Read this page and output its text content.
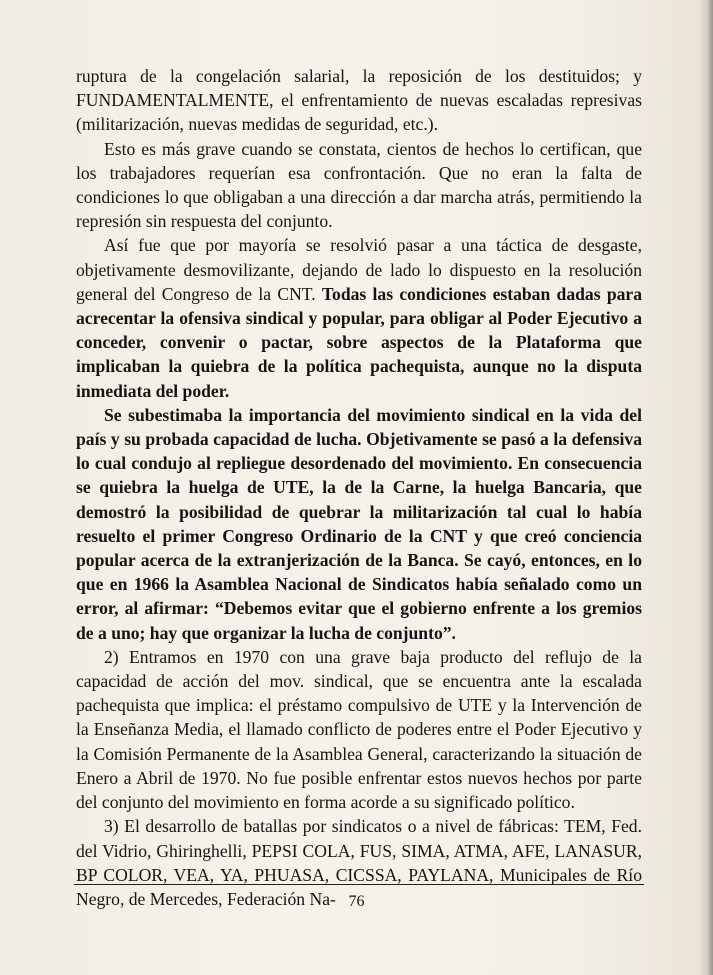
ruptura de la congelación salarial, la reposición de los destituidos; y FUNDAMENTALMENTE, el enfrentamiento de nuevas escaladas represivas (militarización, nuevas medidas de seguridad, etc.).

Esto es más grave cuando se constata, cientos de hechos lo certifican, que los trabajadores requerían esa confrontación. Que no eran la falta de condiciones lo que obligaban a una dirección a dar marcha atrás, permitiendo la represión sin respuesta del conjunto.

Así fue que por mayoría se resolvió pasar a una táctica de desgaste, objetivamente desmovilizante, dejando de lado lo dispuesto en la resolución general del Congreso de la CNT. Todas las condiciones estaban dadas para acrecentar la ofensiva sindical y popular, para obligar al Poder Ejecutivo a conceder, convenir o pactar, sobre aspectos de la Plataforma que implicaban la quiebra de la política pachequista, aunque no la disputa inmediata del poder.

Se subestimaba la importancia del movimiento sindical en la vida del país y su probada capacidad de lucha. Objetivamente se pasó a la defensiva lo cual condujo al repliegue desordenado del movimiento. En consecuencia se quiebra la huelga de UTE, la de la Carne, la huelga Bancaria, que demostró la posibilidad de quebrar la militarización tal cual lo había resuelto el primer Congreso Ordinario de la CNT y que creó conciencia popular acerca de la extranjerización de la Banca. Se cayó, entonces, en lo que en 1966 la Asamblea Nacional de Sindicatos había señalado como un error, al afirmar: “Debemos evitar que el gobierno enfrente a los gremios de a uno; hay que organizar la lucha de conjunto”.

2) Entramos en 1970 con una grave baja producto del reflujo de la capacidad de acción del mov. sindical, que se encuentra ante la escalada pachequista que implica: el préstamo compulsivo de UTE y la Intervención de la Enseñanza Media, el llamado conflicto de poderes entre el Poder Ejecutivo y la Comisión Permanente de la Asamblea General, caracterizando la situación de Enero a Abril de 1970. No fue posible enfrentar estos nuevos hechos por parte del conjunto del movimiento en forma acorde a su significado político.

3) El desarrollo de batallas por sindicatos o a nivel de fábricas: TEM, Fed. del Vidrio, Ghiringhelli, PEPSI COLA, FUS, SIMA, ATMA, AFE, LANASUR, BP COLOR, VEA, YA, PHUASA, CICSSA, PAYLANA, Municipales de Río Negro, de Mercedes, Federación Na- 76
